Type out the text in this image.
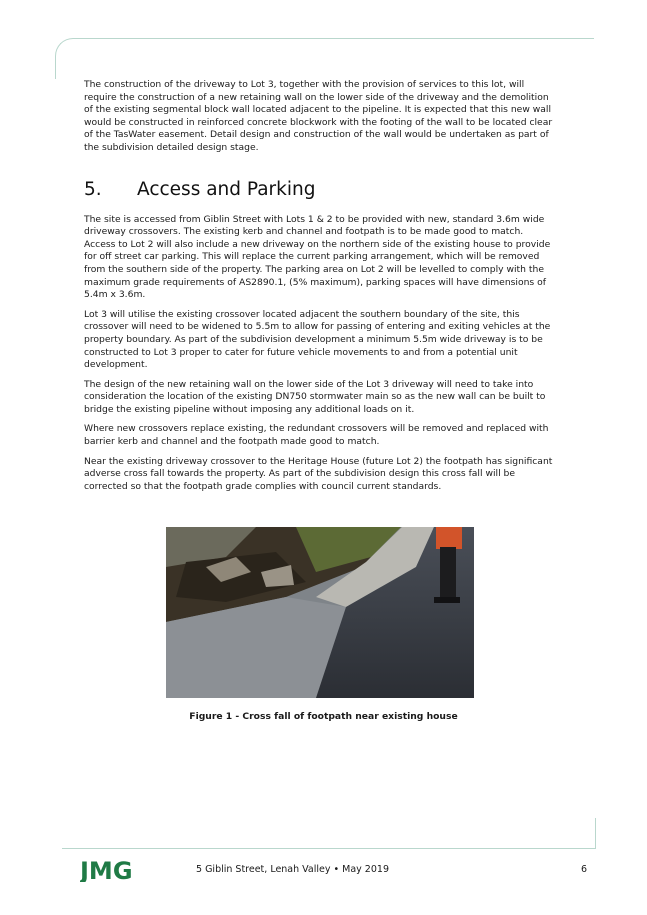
The construction of the driveway to Lot 3, together with the provision of services to this lot, will require the construction of a new retaining wall on the lower side of the driveway and the demolition of the existing segmental block wall located adjacent to the pipeline. It is expected that this new wall would be constructed in reinforced concrete blockwork with the footing of the wall to be located clear of the TasWater easement. Detail design and construction of the wall would be undertaken as part of the subdivision detailed design stage.

5. Access and Parking

The site is accessed from Giblin Street with Lots 1 & 2 to be provided with new, standard 3.6m wide driveway crossovers. The existing kerb and channel and footpath is to be made good to match. Access to Lot 2 will also include a new driveway on the northern side of the existing house to provide for off street car parking. This will replace the current parking arrangement, which will be removed from the southern side of the property. The parking area on Lot 2 will be levelled to comply with the maximum grade requirements of AS2890.1, (5% maximum), parking spaces will have dimensions of 5.4m x 3.6m.

Lot 3 will utilise the existing crossover located adjacent the southern boundary of the site, this crossover will need to be widened to 5.5m to allow for passing of entering and exiting vehicles at the property boundary. As part of the subdivision development a minimum 5.5m wide driveway is to be constructed to Lot 3 proper to cater for future vehicle movements to and from a potential unit development.

The design of the new retaining wall on the lower side of the Lot 3 driveway will need to take into consideration the location of the existing DN750 stormwater main so as the new wall can be built to bridge the existing pipeline without imposing any additional loads on it.

Where new crossovers replace existing, the redundant crossovers will be removed and replaced with barrier kerb and channel and the footpath made good to match.

Near the existing driveway crossover to the Heritage House (future Lot 2) the footpath has significant adverse cross fall towards the property. As part of the subdivision design this cross fall will be corrected so that the footpath grade complies with council current standards.

Figure 1 - Cross fall of footpath near existing house
JMG	5 Giblin Street, Lenah Valley • May 2019	6
